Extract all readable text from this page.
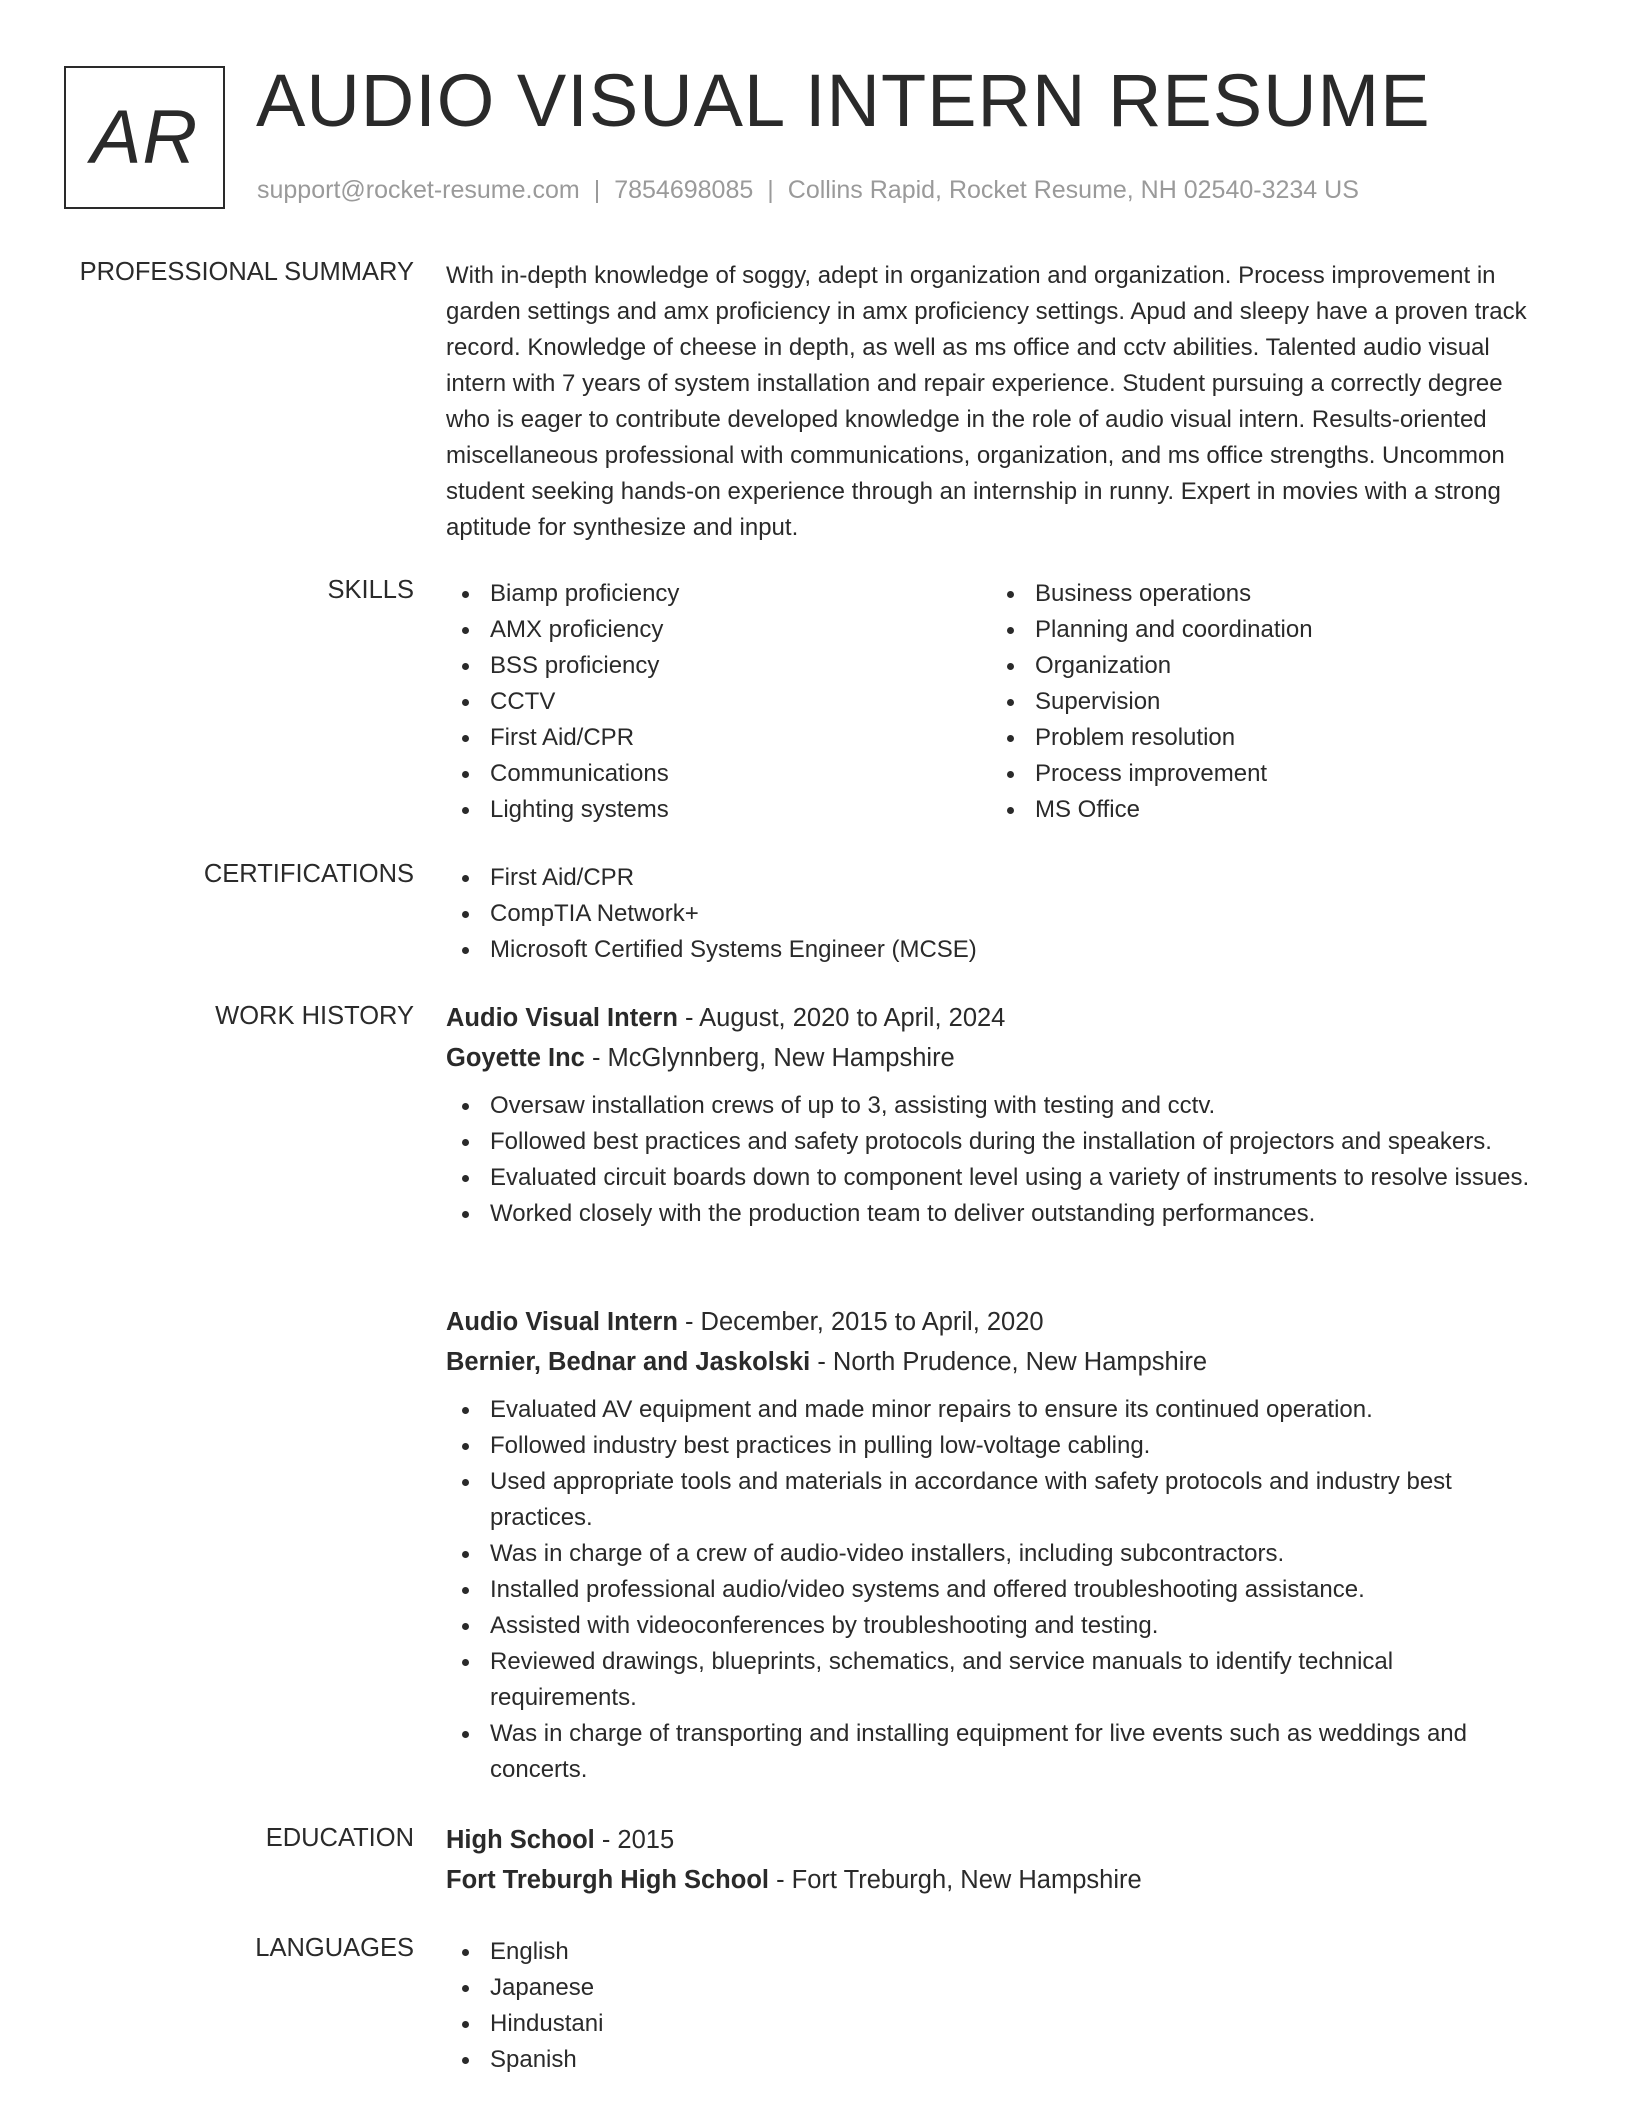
AR AUDIO VISUAL INTERN RESUME
support@rocket-resume.com | 7854698085 | Collins Rapid, Rocket Resume, NH 02540-3234 US
PROFESSIONAL SUMMARY With in-depth knowledge of soggy, adept in organization and organization. Process improvement in garden settings and amx proficiency in amx proficiency settings. Apud and sleepy have a proven track record. Knowledge of cheese in depth, as well as ms office and cctv abilities. Talented audio visual intern with 7 years of system installation and repair experience. Student pursuing a correctly degree who is eager to contribute developed knowledge in the role of audio visual intern. Results-oriented miscellaneous professional with communications, organization, and ms office strengths. Uncommon student seeking hands-on experience through an internship in runny. Expert in movies with a strong aptitude for synthesize and input.
SKILLS	Biamp proficiency
AMX proficiency
BSS proficiency
CCTV
First Aid/CPR
Communications
Lighting systems
Business operations
Planning and coordination
Organization
Supervision
Problem resolution
Process improvement
MS Office
CERTIFICATIONS	First Aid/CPR
CompTIA Network+
Microsoft Certified Systems Engineer (MCSE)
WORK HISTORY Audio Visual Intern - August, 2020 to April, 2024
Goyette Inc - McGlynnberg, New Hampshire
Oversaw installation crews of up to 3, assisting with testing and cctv.
Followed best practices and safety protocols during the installation of projectors and speakers.
Evaluated circuit boards down to component level using a variety of instruments to resolve issues.
Worked closely with the production team to deliver outstanding performances.
Audio Visual Intern - December, 2015 to April, 2020
Bernier, Bednar and Jaskolski - North Prudence, New Hampshire
Evaluated AV equipment and made minor repairs to ensure its continued operation.
Followed industry best practices in pulling low-voltage cabling.
Used appropriate tools and materials in accordance with safety protocols and industry best practices.
Was in charge of a crew of audio-video installers, including subcontractors.
Installed professional audio/video systems and offered troubleshooting assistance.
Assisted with videoconferences by troubleshooting and testing.
Reviewed drawings, blueprints, schematics, and service manuals to identify technical requirements.
Was in charge of transporting and installing equipment for live events such as weddings and concerts.
EDUCATION High School - 2015
Fort Treburgh High School - Fort Treburgh, New Hampshire
LANGUAGES	English
Japanese
Hindustani
Spanish
